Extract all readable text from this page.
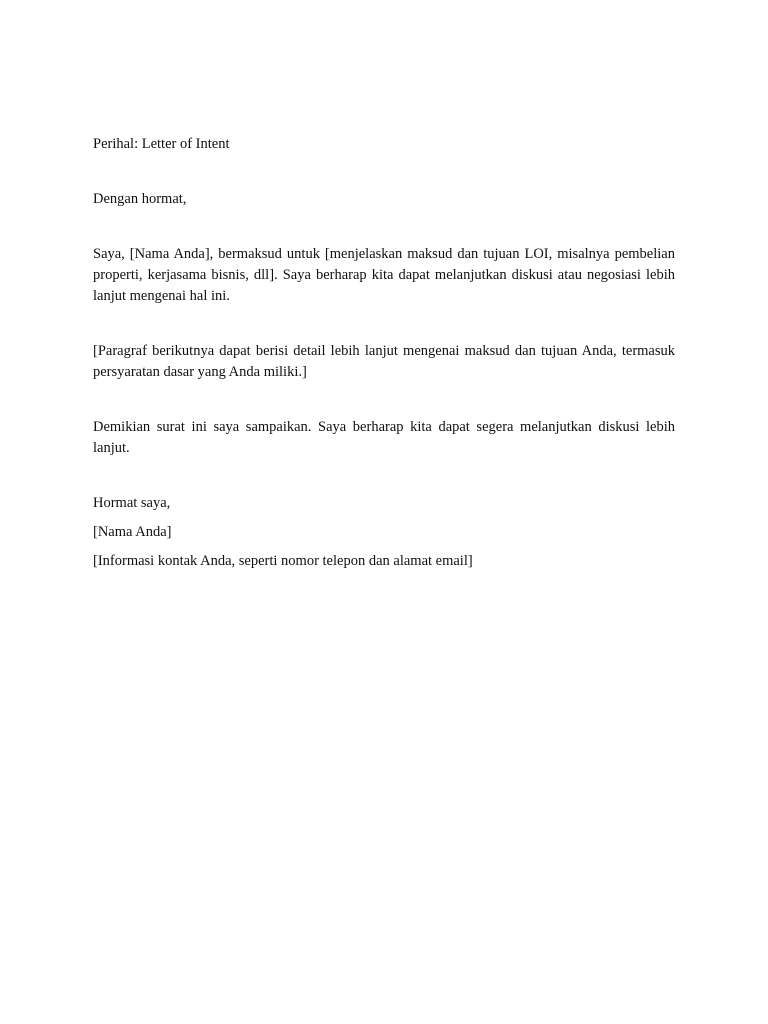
Perihal: Letter of Intent

Dengan hormat,

Saya, [Nama Anda], bermaksud untuk [menjelaskan maksud dan tujuan LOI, misalnya pembelian properti, kerjasama bisnis, dll]. Saya berharap kita dapat melanjutkan diskusi atau negosiasi lebih lanjut mengenai hal ini.

[Paragraf berikutnya dapat berisi detail lebih lanjut mengenai maksud dan tujuan Anda, termasuk persyaratan dasar yang Anda miliki.]

Demikian surat ini saya sampaikan. Saya berharap kita dapat segera melanjutkan diskusi lebih lanjut.

Hormat saya,

[Nama Anda]

[Informasi kontak Anda, seperti nomor telepon dan alamat email]
